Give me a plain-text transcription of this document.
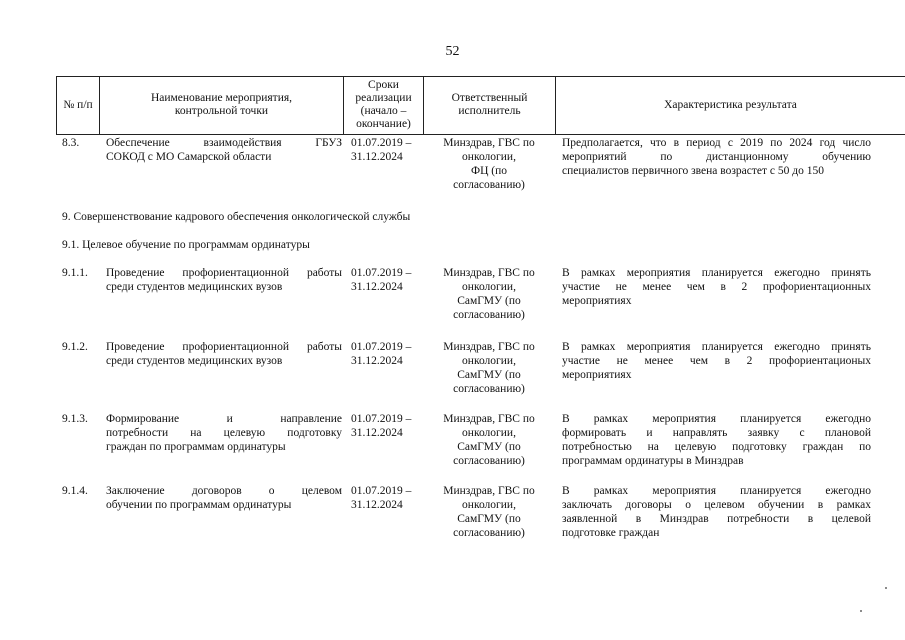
52
№ п/п
Наименование мероприятия, контрольной точки
Сроки реализации (начало – окончание)
Ответственный исполнитель
Характеристика результата
8.3. Обеспечение взаимодействия ГБУЗ
СОКОД с МО Самарской области
01.07.2019 –
31.12.2024
Минздрав, ГВС по
онкологии,
ФЦ (по
согласованию)
Предполагается, что в период с 2019 по 2024 год число
мероприятий по дистанционному обучению
специалистов первичного звена возрастет с 50 до 150
9. Совершенствование кадрового обеспечения онкологической службы
9.1. Целевое обучение по программам ординатуры
9.1.1. Проведение профориентационной работы
среди студентов медицинских вузов
01.07.2019 –
31.12.2024
Минздрав, ГВС по
онкологии,
СамГМУ (по
согласованию)
В рамках мероприятия планируется ежегодно принять
участие не менее чем в 2 профориентационных
мероприятиях
9.1.2. Проведение профориентационной работы
среди студентов медицинских вузов
01.07.2019 –
31.12.2024
Минздрав, ГВС по
онкологии,
СамГМУ (по
согласованию)
В рамках мероприятия планируется ежегодно принять
участие не менее чем в 2 профориентационых
мероприятиях
9.1.3. Формирование и направление
потребности на целевую подготовку
граждан по программам ординатуры
01.07.2019 –
31.12.2024
Минздрав, ГВС по
онкологии,
СамГМУ (по
согласованию)
В рамках мероприятия планируется ежегодно
формировать и направлять заявку с плановой
потребностью на целевую подготовку граждан по
программам ординатуры в Минздрав
9.1.4. Заключение договоров о целевом
обучении по программам ординатуры
01.07.2019 –
31.12.2024
Минздрав, ГВС по
онкологии,
СамГМУ (по
согласованию)
В рамках мероприятия планируется ежегодно
заключать договоры о целевом обучении в рамках
заявленной в Минздрав потребности в целевой
подготовке граждан
